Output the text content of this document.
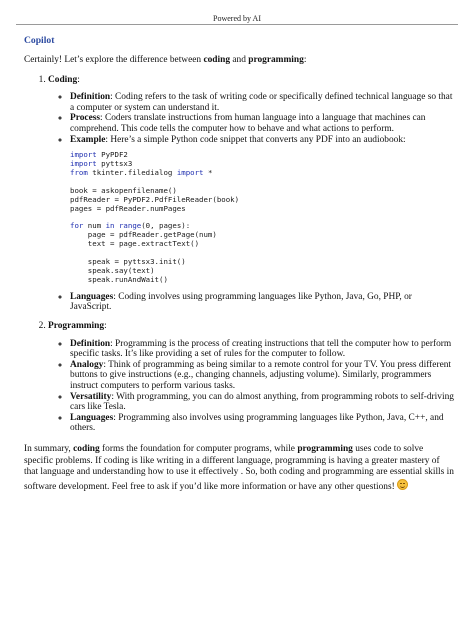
Powered by AI
Copilot

Certainly! Let’s explore the difference between coding and programming:

1. Coding:
◦ Definition: Coding refers to the task of writing code or specifically defined technical language so that a computer or system can understand it.
◦ Process: Coders translate instructions from human language into a language that machines can comprehend. This code tells the computer how to behave and what actions to perform.
◦ Example: Here’s a simple Python code snippet that converts any PDF into an audiobook:
import PyPDF2
import pyttsx3
from tkinter.filedialog import *

book = askopenfilename()
pdfReader = PyPDF2.PdfFileReader(book)
pages = pdfReader.numPages

for num in range(0, pages):
page = pdfReader.getPage(num)
text = page.extractText()

speak = pyttsx3.init()
speak.say(text)
speak.runAndWait()
◦ Languages: Coding involves using programming languages like Python, Java, Go, PHP, or JavaScript.
2. Programming:
◦ Definition: Programming is the process of creating instructions that tell the computer how to perform specific tasks. It’s like providing a set of rules for the computer to follow.
◦ Analogy: Think of programming as being similar to a remote control for your TV. You press different buttons to give instructions (e.g., changing channels, adjusting volume). Similarly, programmers instruct computers to perform various tasks.
◦ Versatility: With programming, you can do almost anything, from programming robots to self-driving cars like Tesla.
◦ Languages: Programming also involves using programming languages like Python, Java, C++, and others.

In summary, coding forms the foundation for computer programs, while programming uses code to solve specific problems. If coding is like writing in a different language, programming is having a greater mastery of that language and understanding how to use it effectively . So, both coding and programming are essential skills in software development. Feel free to ask if you’d like more information or have any other questions!
